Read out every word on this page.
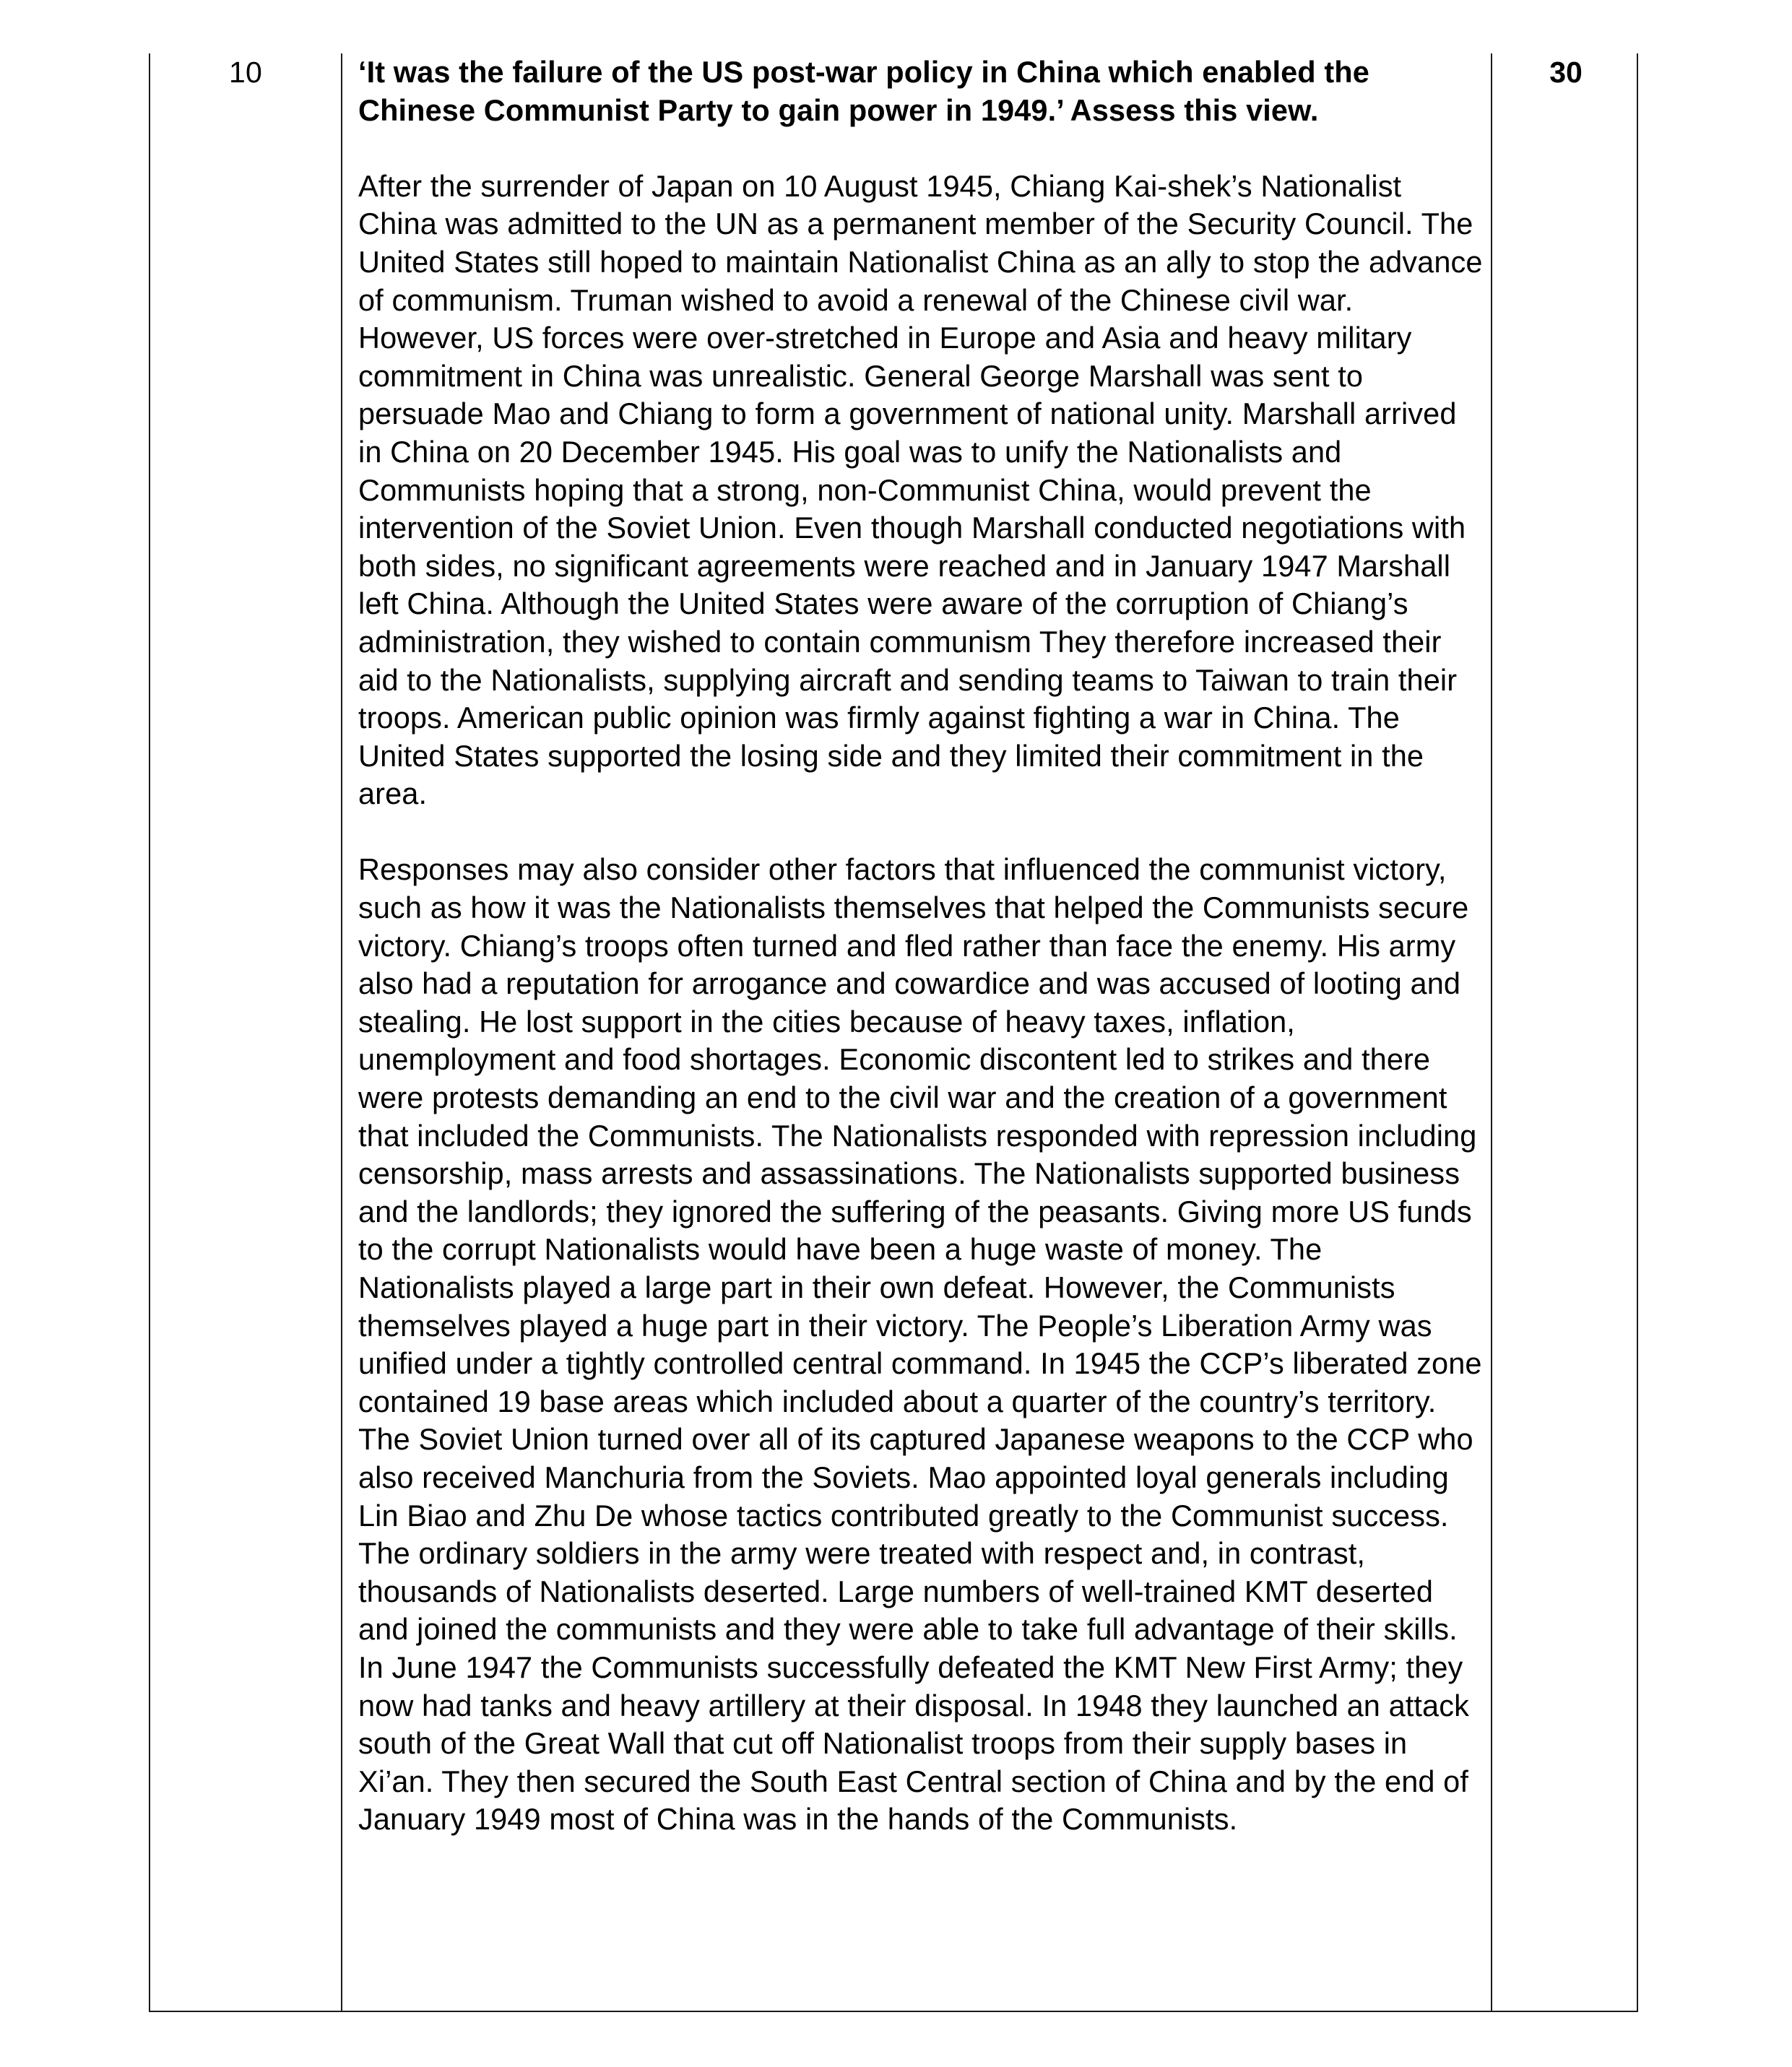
10	‘It was the failure of the US post-war policy in China which enabled the
Chinese Communist Party to gain power in 1949.’ Assess this view.

After the surrender of Japan on 10 August 1945, Chiang Kai-shek’s Nationalist China was admitted to the UN as a permanent member of the Security Council. The United States still hoped to maintain Nationalist China as an ally to stop the advance of communism. Truman wished to avoid a renewal of the Chinese civil war. However, US forces were over-stretched in Europe and Asia and heavy military commitment in China was unrealistic. General George Marshall was sent to persuade Mao and Chiang to form a government of national unity. Marshall arrived in China on 20 December 1945. His goal was to unify the Nationalists and Communists hoping that a strong, non-Communist China, would prevent the intervention of the Soviet Union. Even though Marshall conducted negotiations with both sides, no significant agreements were reached and in January 1947 Marshall left China. Although the United States were aware of the corruption of Chiang’s administration, they wished to contain communism They therefore increased their aid to the Nationalists, supplying aircraft and sending teams to Taiwan to train their troops. American public opinion was firmly against fighting a war in China. The United States supported the losing side and they limited their commitment in the area.

Responses may also consider other factors that influenced the communist victory, such as how it was the Nationalists themselves that helped the Communists secure victory. Chiang’s troops often turned and fled rather than face the enemy. His army also had a reputation for arrogance and cowardice and was accused of looting and stealing. He lost support in the cities because of heavy taxes, inflation, unemployment and food shortages. Economic discontent led to strikes and there were protests demanding an end to the civil war and the creation of a government that included the Communists. The Nationalists responded with repression including censorship, mass arrests and assassinations. The Nationalists supported business and the landlords; they ignored the suffering of the peasants. Giving more US funds to the corrupt Nationalists would have been a huge waste of money. The Nationalists played a large part in their own defeat. However, the Communists themselves played a huge part in their victory. The People’s Liberation Army was unified under a tightly controlled central command. In 1945 the CCP’s liberated zone contained 19 base areas which included about a quarter of the country’s territory. The Soviet Union turned over all of its captured Japanese weapons to the CCP who also received Manchuria from the Soviets. Mao appointed loyal generals including Lin Biao and Zhu De whose tactics contributed greatly to the Communist success. The ordinary soldiers in the army were treated with respect and, in contrast, thousands of Nationalists deserted. Large numbers of well-trained KMT deserted and joined the communists and they were able to take full advantage of their skills. In June 1947 the Communists successfully defeated the KMT New First Army; they now had tanks and heavy artillery at their disposal. In 1948 they launched an attack south of the Great Wall that cut off Nationalist troops from their supply bases in Xi’an. They then secured the South East Central section of China and by the end of January 1949 most of China was in the hands of the Communists.

30
